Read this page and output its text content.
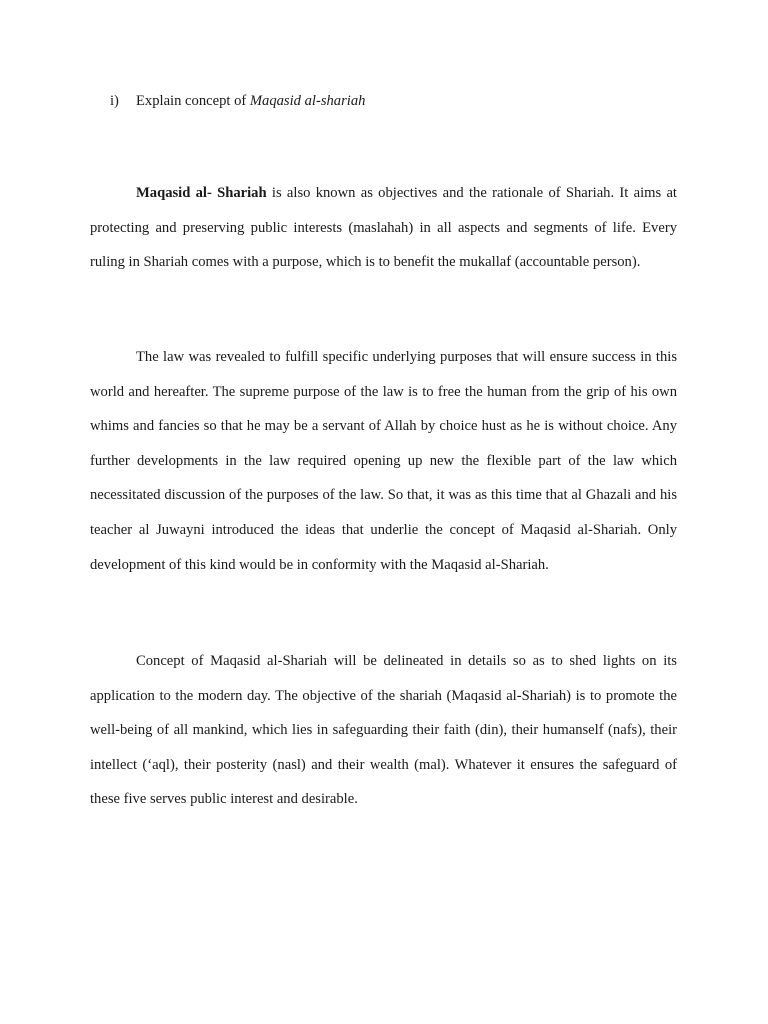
i) Explain concept of Maqasid al-shariah

Maqasid al- Shariah is also known as objectives and the rationale of Shariah. It aims at protecting and preserving public interests (maslahah) in all aspects and segments of life. Every ruling in Shariah comes with a purpose, which is to benefit the mukallaf (accountable person).

The law was revealed to fulfill specific underlying purposes that will ensure success in this world and hereafter. The supreme purpose of the law is to free the human from the grip of his own whims and fancies so that he may be a servant of Allah by choice hust as he is without choice. Any further developments in the law required opening up new the flexible part of the law which necessitated discussion of the purposes of the law. So that, it was as this time that al Ghazali and his teacher al Juwayni introduced the ideas that underlie the concept of Maqasid al-Shariah. Only development of this kind would be in conformity with the Maqasid al-Shariah.

Concept of Maqasid al-Shariah will be delineated in details so as to shed lights on its application to the modern day. The objective of the shariah (Maqasid al-Shariah) is to promote the well-being of all mankind, which lies in safeguarding their faith (din), their humanself (nafs), their intellect (‘aql), their posterity (nasl) and their wealth (mal). Whatever it ensures the safeguard of these five serves public interest and desirable.
